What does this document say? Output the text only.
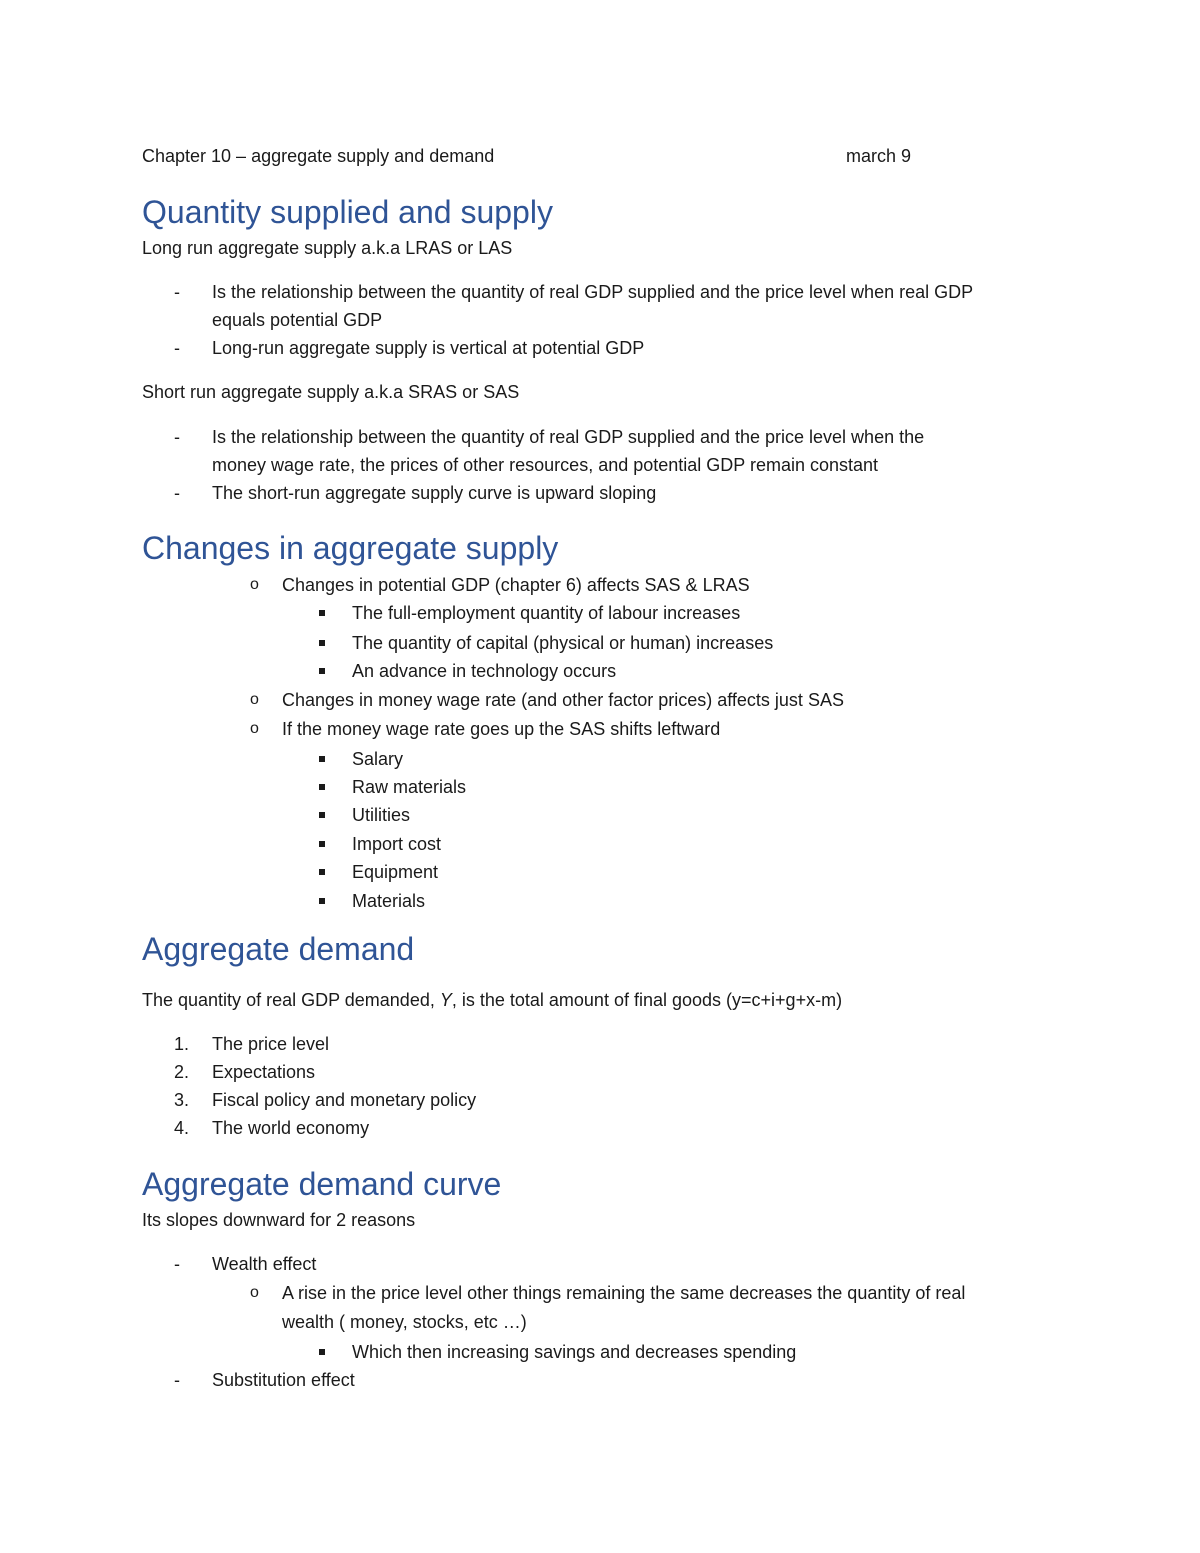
Chapter 10 – aggregate supply and demand	march 9
Quantity supplied and supply
Long run aggregate supply a.k.a LRAS or LAS
- Is the relationship between the quantity of real GDP supplied and the price level when real GDP
equals potential GDP
- Long-run aggregate supply is vertical at potential GDP
Short run aggregate supply a.k.a SRAS or SAS
- Is the relationship between the quantity of real GDP supplied and the price level when the
money wage rate, the prices of other resources, and potential GDP remain constant
- The short-run aggregate supply curve is upward sloping
Changes in aggregate supply
o Changes in potential GDP (chapter 6) affects SAS & LRAS
The full-employment quantity of labour increases
The quantity of capital (physical or human) increases
An advance in technology occurs
o Changes in money wage rate (and other factor prices) affects just SAS
o If the money wage rate goes up the SAS shifts leftward
Salary
Raw materials
Utilities
Import cost
Equipment
Materials
Aggregate demand
The quantity of real GDP demanded, Y, is the total amount of final goods (y=c+i+g+x-m)
1. The price level
2. Expectations
3. Fiscal policy and monetary policy
4. The world economy
Aggregate demand curve
Its slopes downward for 2 reasons
- Wealth effect
o A rise in the price level other things remaining the same decreases the quantity of real
wealth ( money, stocks, etc …)
Which then increasing savings and decreases spending
- Substitution effect
